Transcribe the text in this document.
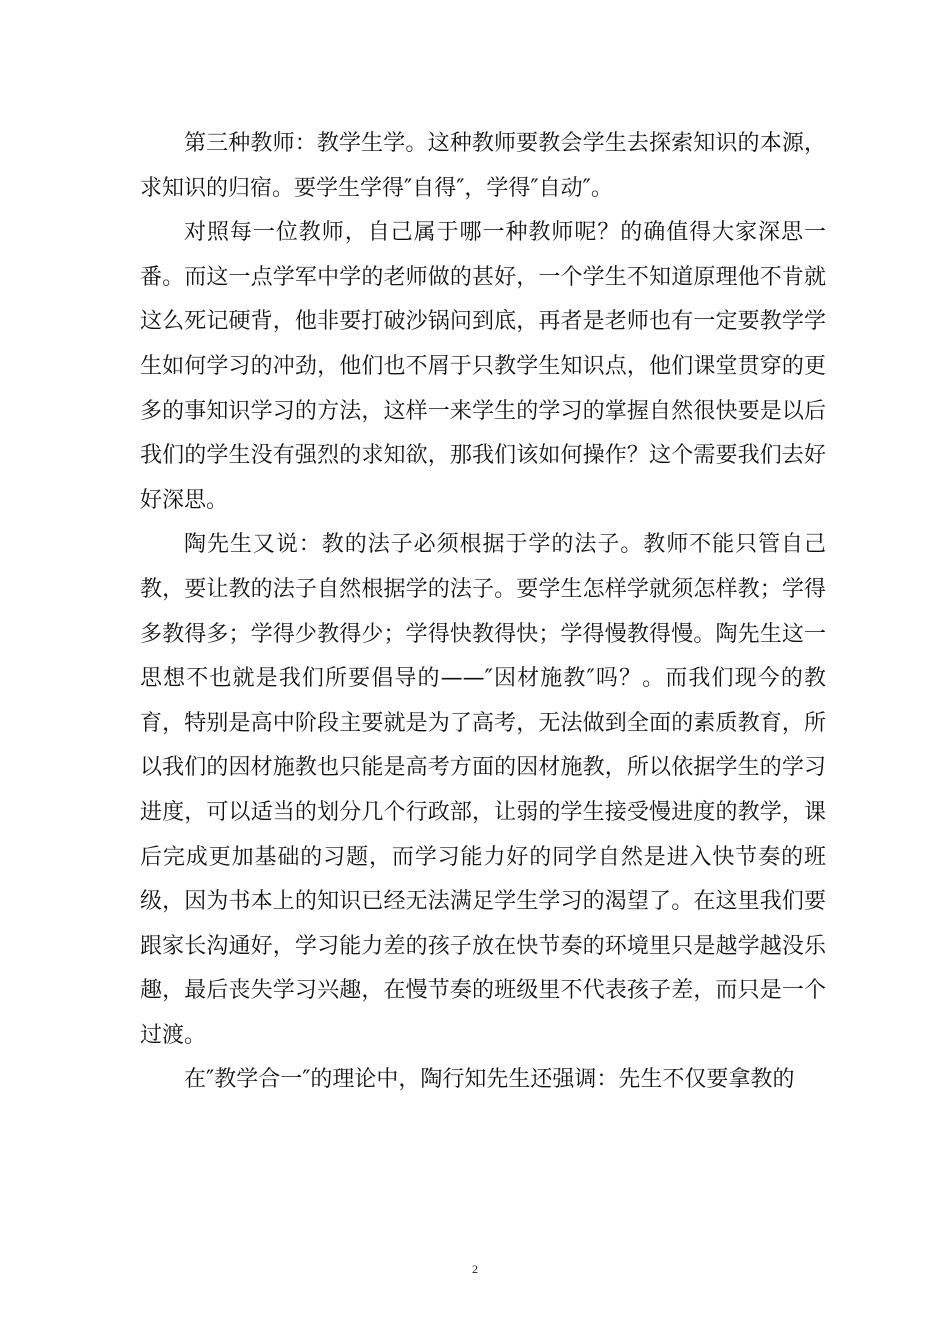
第三种教师：教学生学。这种教师要教会学生去探索知识的本源，求知识的归宿。要学生学得″自得″，学得″自动″。

对照每一位教师，自己属于哪一种教师呢？的确值得大家深思一番。而这一点学军中学的老师做的甚好，一个学生不知道原理他不肯就这么死记硬背，他非要打破沙锅问到底，再者是老师也有一定要教学学生如何学习的冲劲，他们也不屑于只教学生知识点，他们课堂贯穿的更多的事知识学习的方法，这样一来学生的学习的掌握自然很快要是以后我们的学生没有强烈的求知欲，那我们该如何操作？这个需要我们去好好深思。

陶先生又说：教的法子必须根据于学的法子。教师不能只管自己教，要让教的法子自然根据学的法子。要学生怎样学就须怎样教；学得多教得多；学得少教得少；学得快教得快；学得慢教得慢。陶先生这一思想不也就是我们所要倡导的——″因材施教″吗？。而我们现今的教育，特别是高中阶段主要就是为了高考，无法做到全面的素质教育，所以我们的因材施教也只能是高考方面的因材施教，所以依据学生的学习进度，可以适当的划分几个行政部，让弱的学生接受慢进度的教学，课后完成更加基础的习题，而学习能力好的同学自然是进入快节奏的班级，因为书本上的知识已经无法满足学生学习的渴望了。在这里我们要跟家长沟通好，学习能力差的孩子放在快节奏的环境里只是越学越没乐趣，最后丧失学习兴趣，在慢节奏的班级里不代表孩子差，而只是一个过渡。

在″教学合一″的理论中，陶行知先生还强调：先生不仅要拿教的

2
